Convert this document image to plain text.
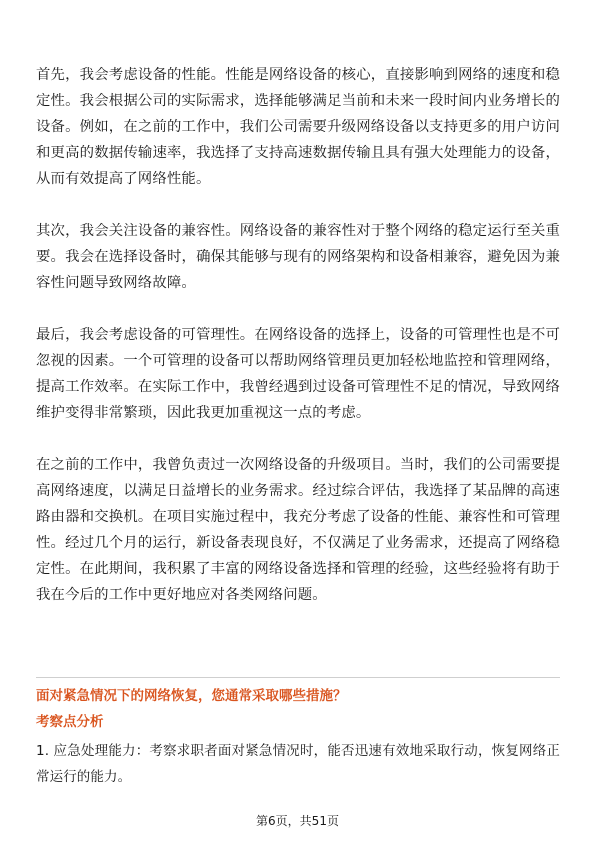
首先，我会考虑设备的性能。性能是网络设备的核心，直接影响到网络的速度和稳定性。我会根据公司的实际需求，选择能够满足当前和未来一段时间内业务增长的设备。例如，在之前的工作中，我们公司需要升级网络设备以支持更多的用户访问和更高的数据传输速率，我选择了支持高速数据传输且具有强大处理能力的设备，从而有效提高了网络性能。

其次，我会关注设备的兼容性。网络设备的兼容性对于整个网络的稳定运行至关重要。我会在选择设备时，确保其能够与现有的网络架构和设备相兼容，避免因为兼容性问题导致网络故障。

最后，我会考虑设备的可管理性。在网络设备的选择上，设备的可管理性也是不可忽视的因素。一个可管理的设备可以帮助网络管理员更加轻松地监控和管理网络，提高工作效率。在实际工作中，我曾经遇到过设备可管理性不足的情况，导致网络维护变得非常繁琐，因此我更加重视这一点的考虑。

在之前的工作中，我曾负责过一次网络设备的升级项目。当时，我们的公司需要提高网络速度，以满足日益增长的业务需求。经过综合评估，我选择了某品牌的高速路由器和交换机。在项目实施过程中，我充分考虑了设备的性能、兼容性和可管理性。经过几个月的运行，新设备表现良好，不仅满足了业务需求，还提高了网络稳定性。在此期间，我积累了丰富的网络设备选择和管理的经验，这些经验将有助于我在今后的工作中更好地应对各类网络问题。

面对紧急情况下的网络恢复，您通常采取哪些措施？
考察点分析

1. 应急处理能力：考察求职者面对紧急情况时，能否迅速有效地采取行动，恢复网络正常运行的能力。

第6页，共51页
